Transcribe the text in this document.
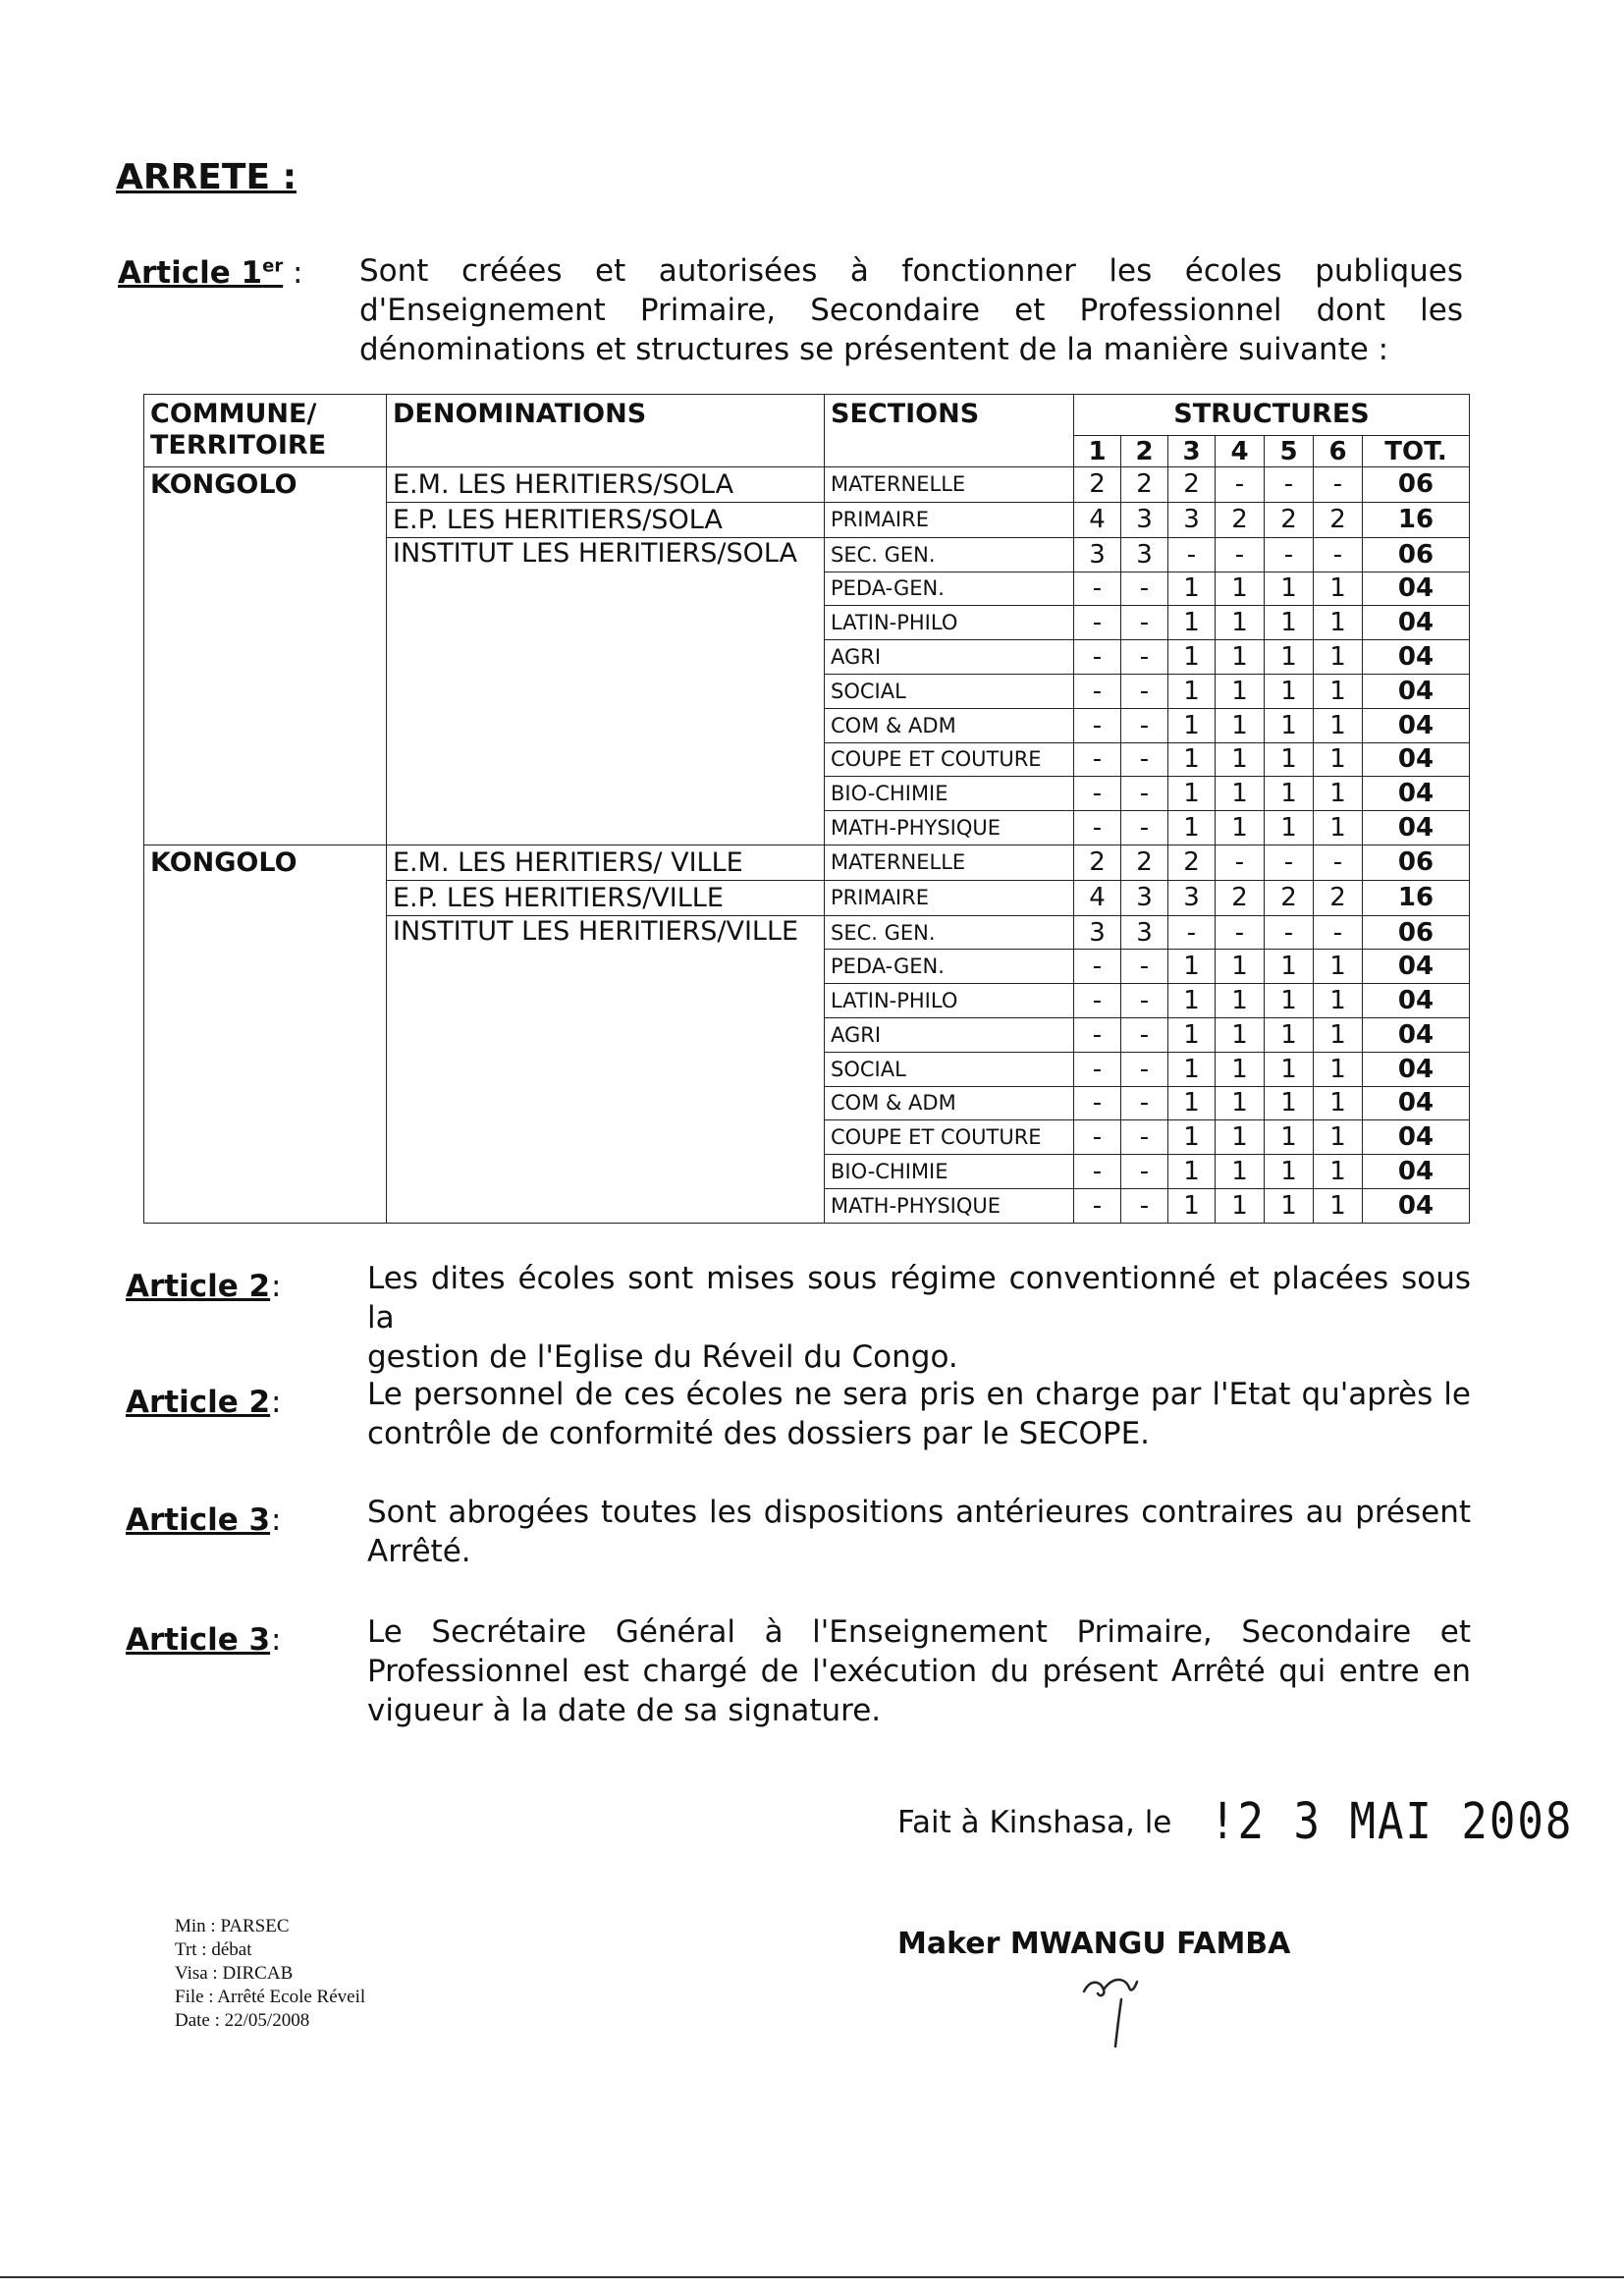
ARRETE :
Article 1er : Sont créées et autorisées à fonctionner les écoles publiques
d'Enseignement Primaire, Secondaire et Professionnel dont les
dénominations et structures se présentent de la manière suivante :
COMMUNE/
TERRITOIRE	DENOMINATIONS	SECTIONS	STRUCTURES						
			1	2	3	4	5	6	TOT.
KONGOLO	E.M. LES HERITIERS/SOLA	MATERNELLE	2	2	2	-	-	-	06
	E.P. LES HERITIERS/SOLA	PRIMAIRE	4	3	3	2	2	2	16
	INSTITUT LES HERITIERS/SOLA	SEC. GEN.	3	3	-	-	-	-	06
		PEDA-GEN.	-	-	1	1	1	1	04
		LATIN-PHILO	-	-	1	1	1	1	04
		AGRI	-	-	1	1	1	1	04
		SOCIAL	-	-	1	1	1	1	04
		COM & ADM	-	-	1	1	1	1	04
		COUPE ET COUTURE	-	-	1	1	1	1	04
		BIO-CHIMIE	-	-	1	1	1	1	04
		MATH-PHYSIQUE	-	-	1	1	1	1	04
KONGOLO	E.M. LES HERITIERS/ VILLE	MATERNELLE	2	2	2	-	-	-	06
	E.P. LES HERITIERS/VILLE	PRIMAIRE	4	3	3	2	2	2	16
	INSTITUT LES HERITIERS/VILLE	SEC. GEN.	3	3	-	-	-	-	06
		PEDA-GEN.	-	-	1	1	1	1	04
		LATIN-PHILO	-	-	1	1	1	1	04
		AGRI	-	-	1	1	1	1	04
		SOCIAL	-	-	1	1	1	1	04
		COM & ADM	-	-	1	1	1	1	04
		COUPE ET COUTURE	-	-	1	1	1	1	04
		BIO-CHIMIE	-	-	1	1	1	1	04
		MATH-PHYSIQUE	-	-	1	1	1	1	04
Article 2 :	Les dites écoles sont mises sous régime conventionné et placées sous la
gestion de l'Eglise du Réveil du Congo.
Article 2 :	Le personnel de ces écoles ne sera pris en charge par l'Etat qu'après le
contrôle de conformité des dossiers par le SECOPE.
Article 3 :	Sont abrogées toutes les dispositions antérieures contraires au présent
Arrêté.
Article 3 :	Le Secrétaire Général à l'Enseignement Primaire, Secondaire et
Professionnel est chargé de l'exécution du présent Arrêté qui entre en
vigueur à la date de sa signature.
Fait à Kinshasa, le !2 3 MAI 2008
Maker MWANGU FAMBA
Min : PARSEC
Trt : débat
Visa : DIRCAB
File : Arrêté Ecole Réveil
Date : 22/05/2008
